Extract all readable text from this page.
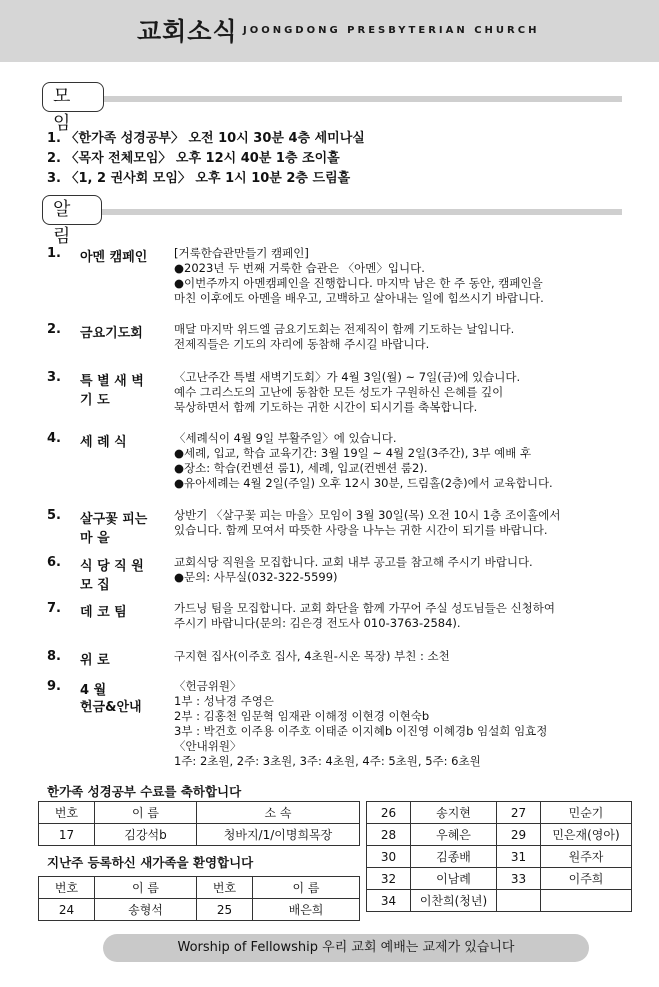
교회소식 JOONGDONG PRESBYTERIAN CHURCH
모 임
1. 〈한가족 성경공부〉 오전 10시 30분 4층 세미나실
2. 〈목자 전체모임〉 오후 12시 40분 1층 조이홀
3. 〈1, 2 권사회 모임〉 오후 1시 10분 2층 드림홀
알 림
1. 아멘 캠페인	[거룩한습관만들기 캠페인]
●2023년 두 번째 거룩한 습관은 〈아멘〉입니다.
●이번주까지 아멘캠페인을 진행합니다. 마지막 남은 한 주 동안, 캠페인을
마친 이후에도 아멘을 배우고, 고백하고 살아내는 일에 힘쓰시기 바랍니다.
2. 금요기도회	매달 마지막 위드엘 금요기도회는 전제직이 함께 기도하는 날입니다.
전제직들은 기도의 자리에 동참해 주시길 바랍니다.
3. 특 별 새 벽
기 도
〈고난주간 특별 새벽기도회〉가 4월 3일(월) ~ 7일(금)에 있습니다.
예수 그리스도의 고난에 동참한 모든 성도가 구원하신 은혜를 깊이
묵상하면서 함께 기도하는 귀한 시간이 되시기를 축복합니다.
4. 세 례 식	〈세례식이 4월 9일 부활주일〉에 있습니다.
●세례, 입교, 학습 교육기간: 3월 19일 ~ 4월 2일(3주간), 3부 예배 후
●장소: 학습(컨벤션 룸1), 세례, 입교(컨벤션 룸2).
●유아세례는 4월 2일(주일) 오후 12시 30분, 드림홀(2층)에서 교육합니다.
5. 살구꽃 피는
마 을
상반기 〈살구꽃 피는 마을〉모임이 3월 30일(목) 오전 10시 1층 조이홀에서
있습니다. 함께 모여서 따뜻한 사랑을 나누는 귀한 시간이 되기를 바랍니다.
6. 식 당 직 원
모 집
교회식당 직원을 모집합니다. 교회 내부 공고를 참고해 주시기 바랍니다.
●문의: 사무실(032-322-5599)
7. 데 코 팀	가드닝 팀을 모집합니다. 교회 화단을 함께 가꾸어 주실 성도님들은 신청하여
주시기 바랍니다(문의: 김은경 전도사 010-3763-2584).
8. 위 로	구지현 집사(이주호 집사, 4초원-시온 목장) 부친 : 소천
9. 4 월
헌금&안내
〈헌금위원〉
1부 : 성낙경 주영은
2부 : 김홍천 임문혁 임재관 이해정 이현경 이현숙b
3부 : 박건호 이주용 이주호 이태준 이지혜b 이진영 이혜경b 임설희 임효정
〈안내위원〉
1주: 2초원, 2주: 3초원, 3주: 4초원, 4주: 5초원, 5주: 6초원
한가족 성경공부 수료를 축하합니다
번호	이 름	소 속
17	김강석b	청바지/1/이명희목장
지난주 등록하신 새가족을 환영합니다
번호	이 름	번호	이 름
24	송형석	25	배은희
26	송지현	27	민순기
28	우혜은	29	민은재(영아)
30	김종배	31	원주자
32	이남례	33	이주희
34	이찬희(청년)		
Worship of Fellowship 우리 교회 예배는 교제가 있습니다
